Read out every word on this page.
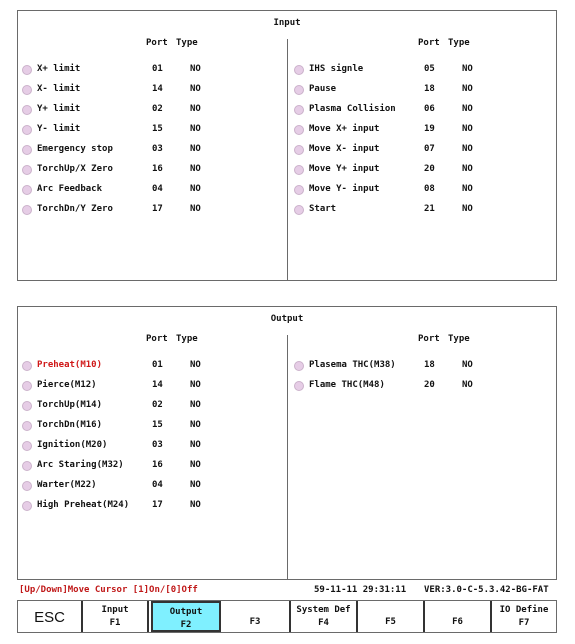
Input
Port Type
X+ limit	01	NO
X- limit	14	NO
Y+ limit	02	NO
Y- limit	15	NO
Emergency stop	03	NO
TorchUp/X Zero	16	NO
Arc Feedback	04	NO
TorchDn/Y Zero	17	NO
Port Type
IHS signle	05	NO
Pause	18	NO
Plasma Collision	06	NO
Move X+ input	19	NO
Move X- input	07	NO
Move Y+ input	20	NO
Move Y- input	08	NO
Start	21	NO
Output
Port Type
Preheat(M10)	01	NO
Pierce(M12)	14	NO
TorchUp(M14)	02	NO
TorchDn(M16)	15	NO
Ignition(M20)	03	NO
Arc Staring(M32)	16	NO
Warter(M22)	04	NO
High Preheat(M24)	17	NO
Port Type
Plasema THC(M38)	18	NO
Flame THC(M48)	20	NO
[Up/Down]Move Cursor [1]On/[0]Off	59-11-11 29:31:11 VER:3.0-C-5.3.42-BG-FAT
ESC	Input
F1
Output
F2	F3
System Def
F4	F5	F6
IO Define
F7
